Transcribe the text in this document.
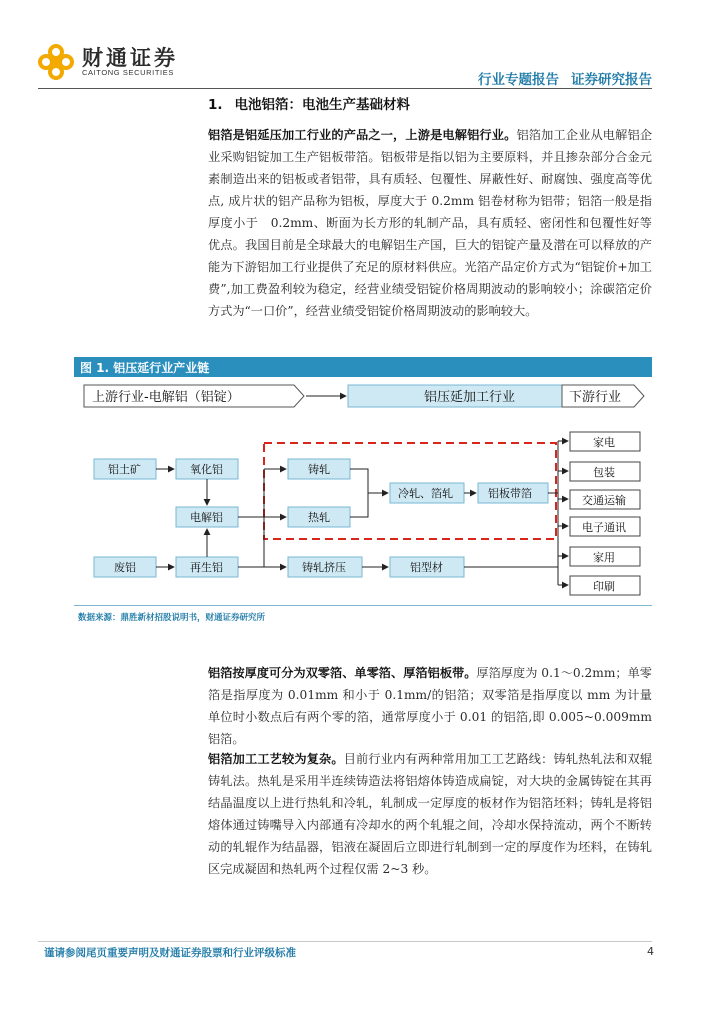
财通证券
CAITONG SECURITIES	行业专题报告 证券研究报告
1. 电池铝箔：电池生产基础材料
铝箔是铝延压加工行业的产品之一，上游是电解铝行业。铝箔加工企业从电解铝企业采购铝锭加工生产铝板带箔。铝板带是指以铝为主要原料，并且掺杂部分合金元素制造出来的铝板或者铝带，具有质轻、包覆性、屏蔽性好、耐腐蚀、强度高等优点, 成片状的铝产品称为铝板，厚度大于 0.2mm 铝卷材称为铝带；铝箔一般是指厚度小于　0.2mm、断面为长方形的轧制产品，具有质轻、密闭性和包覆性好等优点。我国目前是全球最大的电解铝生产国，巨大的铝锭产量及潜在可以释放的产能为下游铝加工行业提供了充足的原材料供应。光箔产品定价方式为“铝锭价+加工费”,加工费盈利较为稳定，经营业绩受铝锭价格周期波动的影响较小；涂碳箔定价方式为“一口价”，经营业绩受铝锭价格周期波动的影响较大。
图 1. 铝压延行业产业链
上游行业-电解铝（铝锭）	铝压延加工行业	下游行业
铝土矿	氧化铝
电解铝
废铝	再生铝
铸轧
热轧
冷轧、箔轧	铝板带箔
铸轧挤压	铝型材
家电
包装
交通运输
电子通讯
家用
印刷
数据来源：鼎胜新材招股说明书，财通证券研究所
铝箔按厚度可分为双零箔、单零箔、厚箔铝板带。厚箔厚度为 0.1～0.2mm；单零箔是指厚度为 0.01mm 和小于 0.1mm/的铝箔；双零箔是指厚度以 mm 为计量单位时小数点后有两个零的箔，通常厚度小于 0.01 的铝箔,即 0.005~0.009mm 铝箔。
铝箔加工工艺较为复杂。目前行业内有两种常用加工工艺路线：铸轧热轧法和双辊铸轧法。热轧是采用半连续铸造法将铝熔体铸造成扁锭，对大块的金属铸锭在其再结晶温度以上进行热轧和冷轧，轧制成一定厚度的板材作为铝箔坯料；铸轧是将铝熔体通过铸嘴导入内部通有冷却水的两个轧辊之间，冷却水保持流动，两个不断转动的轧辊作为结晶器，铝液在凝固后立即进行轧制到一定的厚度作为坯料，在铸轧区完成凝固和热轧两个过程仅需 2~3 秒。
谨请参阅尾页重要声明及财通证券股票和行业评级标准	4
